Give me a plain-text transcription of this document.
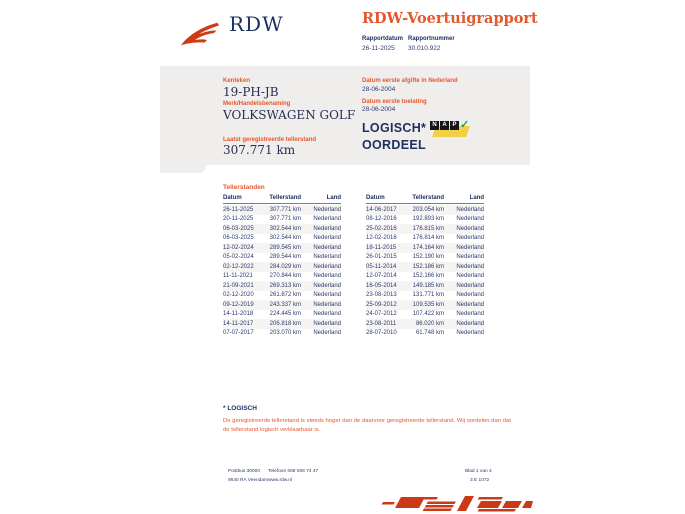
RDW	RDW-Voertuigrapport
Rapportdatum
26-11-2025
Rapportnummer
30.010.922
Kenteken
19-PH-JB
Merk/Handelsbenaming
VOLKSWAGEN GOLF
Laatst geregistreerde tellerstand
307.771 km
Datum eerste afgifte in Nederland
28-06-2004
Datum eerste toelating
28-06-2004
LOGISCH*
OORDEEL
N A P ✓
Tellerstanden
Datum	Tellerstand	Land
26-11-2025	307.771 km	Nederland
20-11-2025	307.771 km	Nederland
06-03-2025	302.544 km	Nederland
06-03-2025	302.544 km	Nederland
12-02-2024	289.545 km	Nederland
05-02-2024	289.544 km	Nederland
02-12-2022	284.029 km	Nederland
11-11-2021	270.844 km	Nederland
21-09-2021	269.313 km	Nederland
02-12-2020	261.872 km	Nederland
09-12-2019	243.337 km	Nederland
14-11-2018	224.445 km	Nederland
14-11-2017	206.818 km	Nederland
07-07-2017	203.070 km	Nederland
Datum	Tellerstand	Land
14-06-2017	203.054 km	Nederland
08-12-2016	192.893 km	Nederland
25-02-2016	176.815 km	Nederland
12-02-2016	176.814 km	Nederland
18-11-2015	174.164 km	Nederland
26-01-2015	152.190 km	Nederland
05-11-2014	152.186 km	Nederland
12-07-2014	152.166 km	Nederland
16-05-2014	149.185 km	Nederland
23-08-2013	131.771 km	Nederland
25-09-2012	109.535 km	Nederland
24-07-2012	107.422 km	Nederland
23-08-2011	86.020 km	Nederland
28-07-2010	61.748 km	Nederland
* LOGISCH
De geregistreerde tellerstand is steeds hoger dan de daarvoor geregistreerde tellerstand. Wij oordelen dan dat de tellerstand logisch verklaarbaar is.
Postbus 30000
9640 RA Veendam
Telefoon 088 008 74 47
www.rdw.nl
Blad 1 van 4
3 E 1072
